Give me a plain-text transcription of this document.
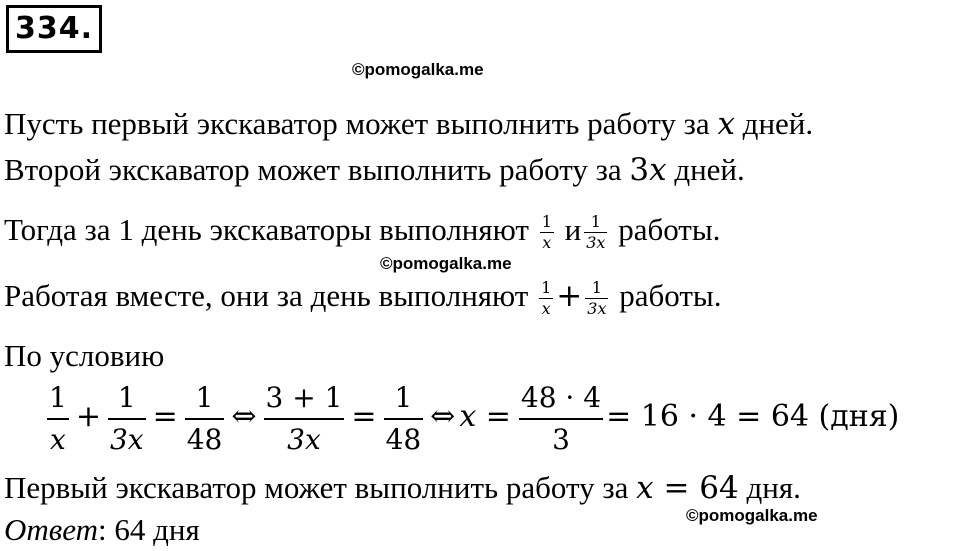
334.
©pomogalka.me
Пусть первый экскаватор может выполнить работу за x дней.
Второй экскаватор может выполнить работу за 3x дней.
Тогда за 1 день экскаваторы выполняют $\frac{1}{x}$ и $\frac{1}{3x}$ работы.
©pomogalka.me
Работая вместе, они за день выполняют $\frac{1}{x} + \frac{1}{3x}$ работы.
По условию
$\frac{1}{x} + \frac{1}{3x} = \frac{1}{48}$ ⇔ $\frac{3 + 1}{3x} = \frac{1}{48}$ ⇔ $x = \frac{48 \cdot 4}{3} = 16 \cdot 4 = 64$ (дня)
Первый экскаватор может выполнить работу за x = 64 дня.
©pomogalka.me
Ответ: 64 дня
